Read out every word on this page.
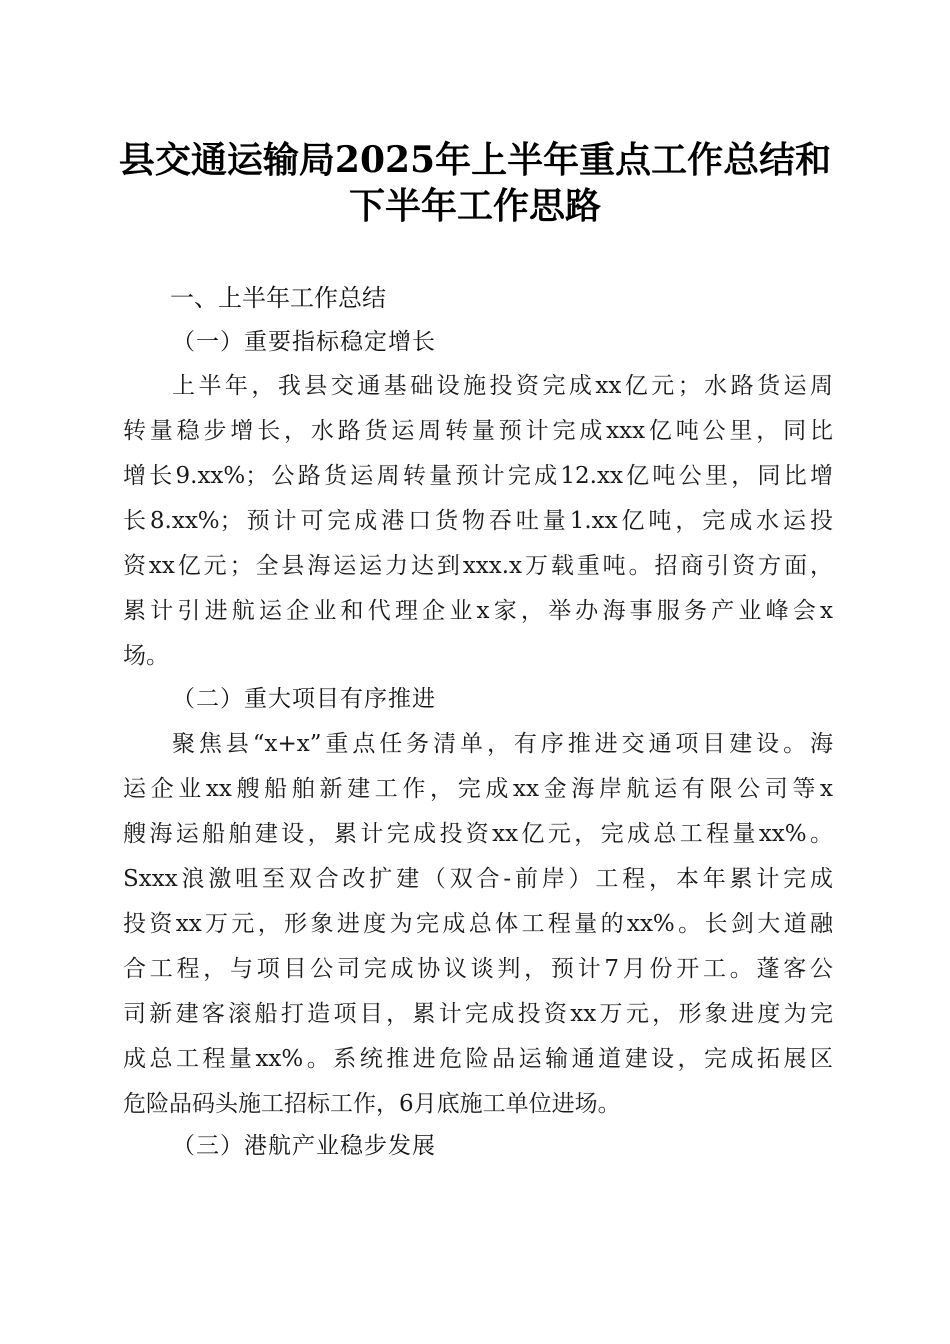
县交通运输局2025年上半年重点工作总结和
下半年工作思路
一、上半年工作总结
（一）重要指标稳定增长
上半年，我县交通基础设施投资完成xx亿元；水路货运周
转量稳步增长，水路货运周转量预计完成xxx亿吨公里，同比
增长9.xx%；公路货运周转量预计完成12.xx亿吨公里，同比增
长8.xx%；预计可完成港口货物吞吐量1.xx亿吨，完成水运投
资xx亿元；全县海运运力达到xxx.x万载重吨。招商引资方面，
累计引进航运企业和代理企业x家，举办海事服务产业峰会x
场。
（二）重大项目有序推进
聚焦县“x+x”重点任务清单，有序推进交通项目建设。海
运企业xx艘船舶新建工作，完成xx金海岸航运有限公司等x
艘海运船舶建设，累计完成投资xx亿元，完成总工程量xx%。
Sxxx浪激咀至双合改扩建（双合-前岸）工程，本年累计完成
投资xx万元，形象进度为完成总体工程量的xx%。长剑大道融
合工程，与项目公司完成协议谈判，预计7月份开工。蓬客公
司新建客滚船打造项目，累计完成投资xx万元，形象进度为完
成总工程量xx%。系统推进危险品运输通道建设，完成拓展区
危险品码头施工招标工作，6月底施工单位进场。
（三）港航产业稳步发展
